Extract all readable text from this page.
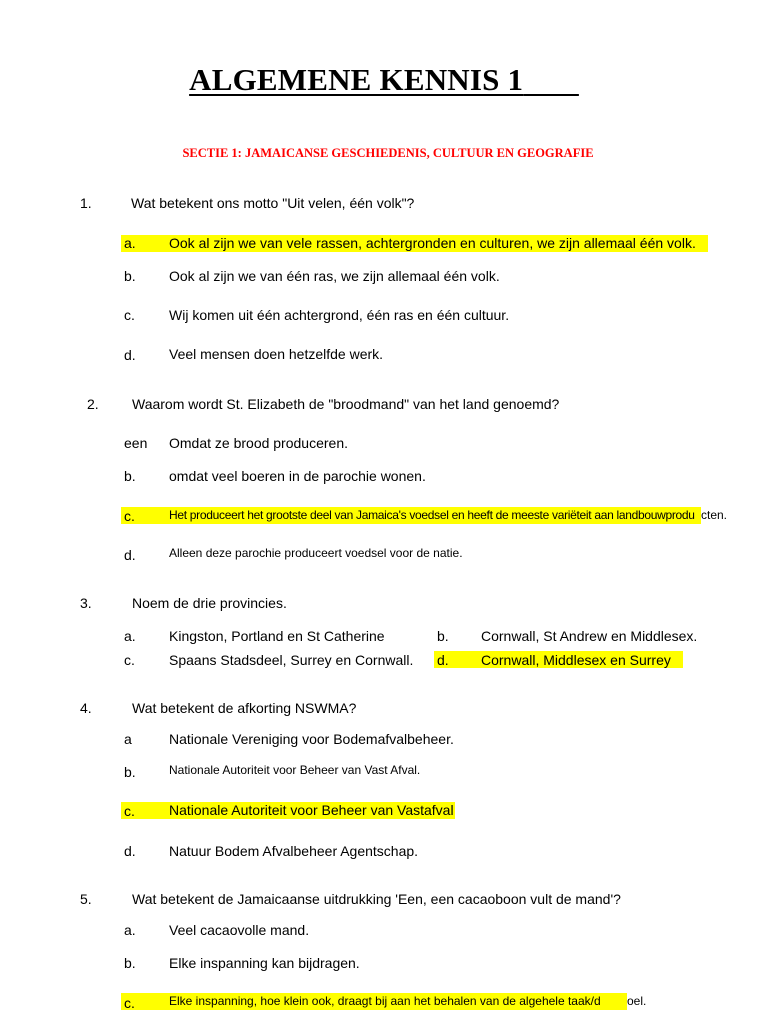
ALGEMENE KENNIS 1
SECTIE 1: JAMAICANSE GESCHIEDENIS, CULTUUR EN GEOGRAFIE
1.	Wat betekent ons motto "Uit velen, één volk"?
a. Ook al zijn we van vele rassen, achtergronden en culturen, we zijn allemaal één volk.
b. Ook al zijn we van één ras, we zijn allemaal één volk.
c. Wij komen uit één achtergrond, één ras en één cultuur.
d. Veel mensen doen hetzelfde werk.
2. Waarom wordt St. Elizabeth de "broodmand" van het land genoemd?
een Omdat ze brood produceren.
b. omdat veel boeren in de parochie wonen.
c.	Het produceert het grootste deel van Jamaica's voedsel en heeft de meeste variëteit aan landbouwprodu cten.
d.	Alleen deze parochie produceert voedsel voor de natie.
3.	Noem de drie provincies.
a. Kingston, Portland en St Catherine	b. Cornwall, St Andrew en Middlesex.
c. Spaans Stadsdeel, Surrey en Cornwall. d. Cornwall, Middlesex en Surrey
4.	Wat betekent de afkorting NSWMA?
a	Nationale Vereniging voor Bodemafvalbeheer.
b.	Nationale Autoriteit voor Beheer van Vast Afval.
c. Nationale Autoriteit voor Beheer van Vastafval
d. Natuur Bodem Afvalbeheer Agentschap.
5.	Wat betekent de Jamaicaanse uitdrukking 'Een, een cacaoboon vult de mand'?
a. Veel cacaovolle mand.
b. Elke inspanning kan bijdragen.
c.	Elke inspanning, hoe klein ook, draagt bij aan het behalen van de algehele taak/d	oel.
